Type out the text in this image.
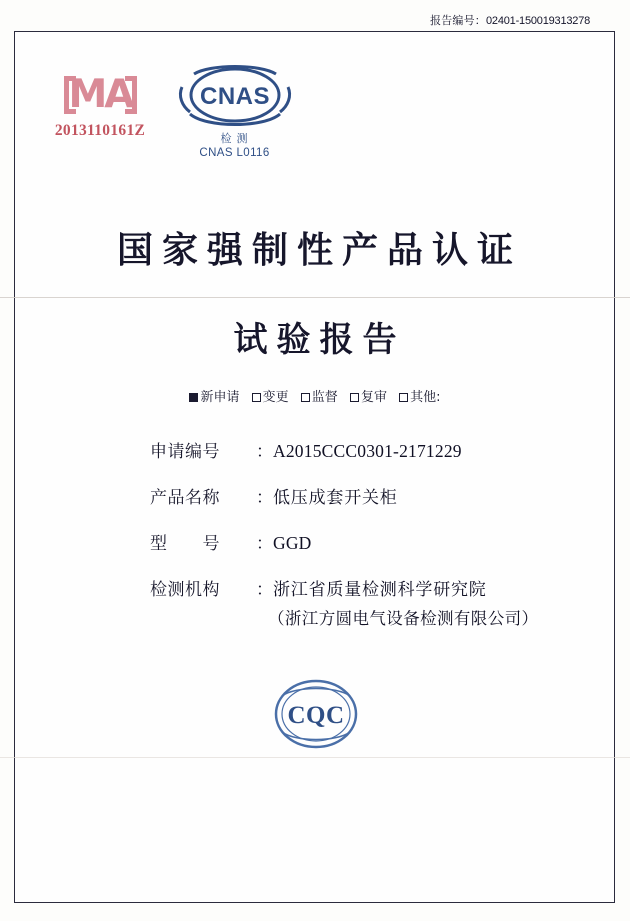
报告编号：02401-150019313278
MA
2013110161Z
CNAS
检 测
CNAS L0116
国家强制性产品认证
试验报告
新申请 变更 监督 复审 其他:
申请编号	： A2015CCC0301-2171229
产品名称	： 低压成套开关柜
型　　号	： GGD
检测机构	： 浙江省质量检测科学研究院
（浙江方圆电气设备检测有限公司）
CQC
